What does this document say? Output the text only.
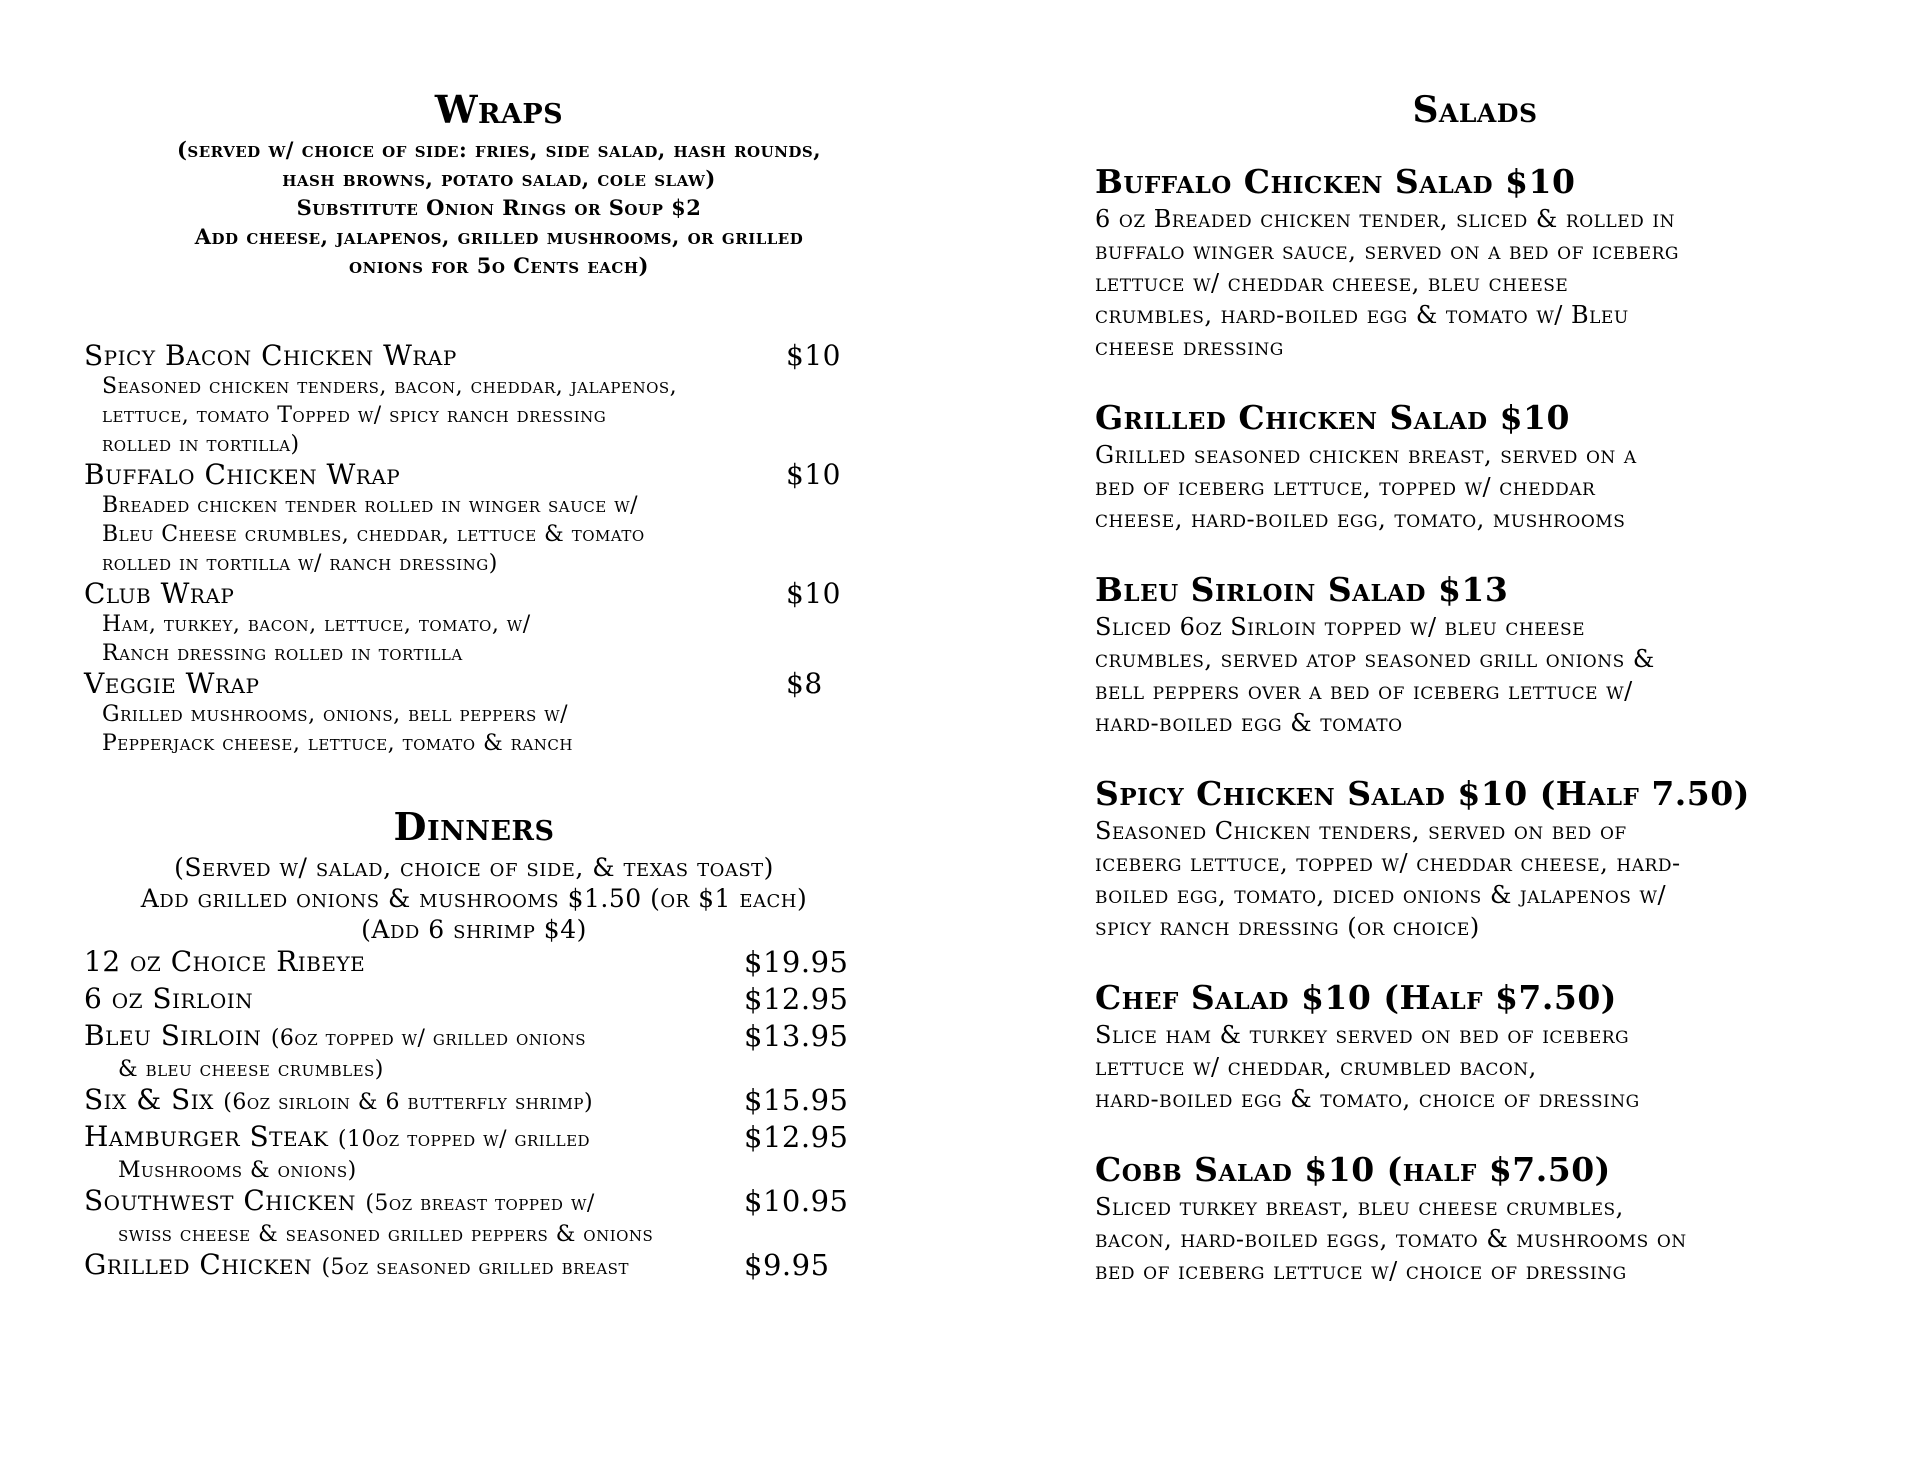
Wraps

(served w/ choice of side: fries, side salad, hash rounds,

hash browns, potato salad, cole slaw)

Substitute Onion Rings or Soup $2

Add cheese, jalapenos, grilled mushrooms, or grilled

onions for 5o Cents each)

Spicy Bacon Chicken Wrap	$10
Seasoned chicken tenders, bacon, cheddar, jalapenos,
lettuce, tomato Topped w/ spicy ranch dressing
rolled in tortilla)
Buffalo Chicken Wrap	$10
Breaded chicken tender rolled in winger sauce w/
Bleu Cheese crumbles, cheddar, lettuce & tomato
rolled in tortilla w/ ranch dressing)
Club Wrap	$10
Ham, turkey, bacon, lettuce, tomato, w/
Ranch dressing rolled in tortilla
Veggie Wrap	$8
Grilled mushrooms, onions, bell peppers w/
Pepperjack cheese, lettuce, tomato & ranch
Dinners

(Served w/ salad, choice of side, & texas toast)

Add grilled onions & mushrooms $1.50 (or $1 each)

(Add 6 shrimp $4)

12 oz Choice Ribeye	$19.95
6 oz Sirloin	$12.95
Bleu Sirloin (6oz topped w/ grilled onions	$13.95
& bleu cheese crumbles)
Six & Six (6oz sirloin & 6 butterfly shrimp)	$15.95
Hamburger Steak (10oz topped w/ grilled	$12.95
Mushrooms & onions)
Southwest Chicken (5oz breast topped w/	$10.95
swiss cheese & seasoned grilled peppers & onions
Grilled Chicken (5oz seasoned grilled breast	$9.95
Salads
Buffalo Chicken Salad $10
6 oz Breaded chicken tender, sliced & rolled in
buffalo winger sauce, served on a bed of iceberg
lettuce w/ cheddar cheese, bleu cheese
crumbles, hard-boiled egg & tomato w/ Bleu
cheese dressing
Grilled Chicken Salad $10
Grilled seasoned chicken breast, served on a
bed of iceberg lettuce, topped w/ cheddar
cheese, hard-boiled egg, tomato, mushrooms
Bleu Sirloin Salad $13
Sliced 6oz Sirloin topped w/ bleu cheese
crumbles, served atop seasoned grill onions &
bell peppers over a bed of iceberg lettuce w/
hard-boiled egg & tomato
Spicy Chicken Salad $10 (Half 7.50)
Seasoned Chicken tenders, served on bed of
iceberg lettuce, topped w/ cheddar cheese, hard-
boiled egg, tomato, diced onions & jalapenos w/
spicy ranch dressing (or choice)
Chef Salad $10 (Half $7.50)
Slice ham & turkey served on bed of iceberg
lettuce w/ cheddar, crumbled bacon,
hard-boiled egg & tomato, choice of dressing
Cobb Salad $10 (half $7.50)
Sliced turkey breast, bleu cheese crumbles,
bacon, hard-boiled eggs, tomato & mushrooms on
bed of iceberg lettuce w/ choice of dressing
